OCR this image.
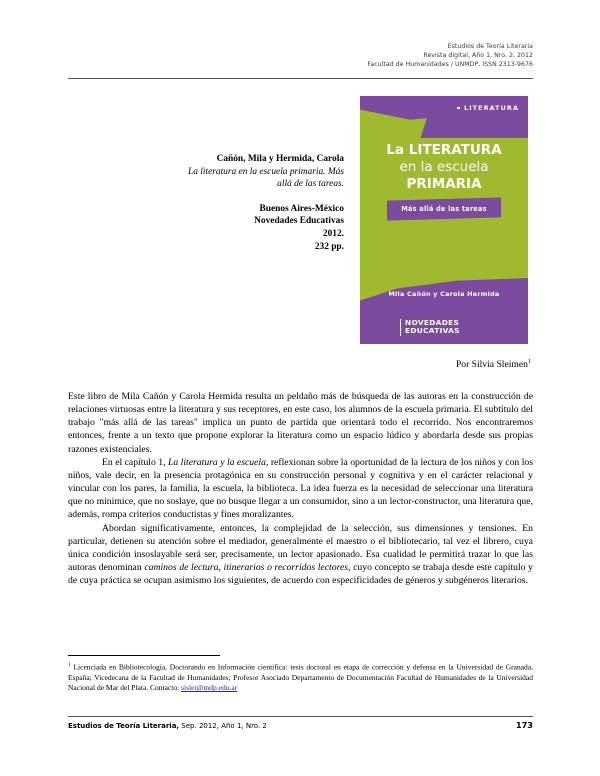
Estudios de Teoría Literaria
Revista digital, Año 1, Nro. 2, 2012
Facultad de Humanidades / UNMDP, ISSN 2313-9676
LITERATURA
La LITERATURA
en la escuela
PRIMARIA
Más allá de las tareas
Mila Cañón y Carola Hermida
NOVEDADES
EDUCATIVAS
Cañón, Mila y Hermida, Carola
La literatura en la escuela primaria. Más
allá de las tareas.
Buenos Aires-México
Novedades Educativas
2012.
232 pp.
Por Silvia Sleimen$^1$

Este libro de Mila Cañón y Carola Hermida resulta un peldaño más de búsqueda de las autoras en la construcción de relaciones virtuosas entre la literatura y sus receptores, en este caso, los alumnos de la escuela primaria. El subtítulo del trabajo "más allá de las tareas" implica un punto de partida que orientará todo el recorrido. Nos encontraremos entonces, frente a un texto que propone explorar la literatura como un espacio lúdico y abordarla desde sus propias razones existenciales.

En el capítulo 1, La literatura y la escuela, reflexionan sobre la oportunidad de la lectura de los niños y con los niños, vale decir, en la presencia protagónica en su construcción personal y cognitiva y en el carácter relacional y vincular con los pares, la familia, la escuela, la biblioteca. La idea fuerza es la necesidad de seleccionar una literatura que no minimice, que no soslaye, que no busque llegar a un consumidor, sino a un lector-constructor, una literatura que, además, rompa criterios conductistas y fines moralizantes.

Abordan significativamente, entonces, la complejidad de la selección, sus dimensiones y tensiones. En particular, detienen su atención sobre el mediador, generalmente el maestro o el bibliotecario, tal vez el librero, cuya única condición insoslayable será ser, precisamente, un lector apasionado. Esa cualidad le permitirá trazar lo que las autoras denominan caminos de lectura, itinerarios o recorridos lectores, cuyo concepto se trabaja desde este capítulo y de cuya práctica se ocupan asimismo los siguientes, de acuerdo con especificidades de géneros y subgéneros literarios.

$^1$ Licenciada en Bibliotecología, Doctorando en Información científica: tesis doctoral en etapa de corrección y defensa en la Universidad de Granada, España; Vicedecana de la Facultad de Humanidades; Profesor Asociado Departamento de Documentación Facultad de Humanidades de la Universidad Nacional de Mar del Plata. Contacto: sislei@mdp.edu.ar
Estudios de Teoría Literaria, Sep. 2012, Año 1, Nro. 2	173
